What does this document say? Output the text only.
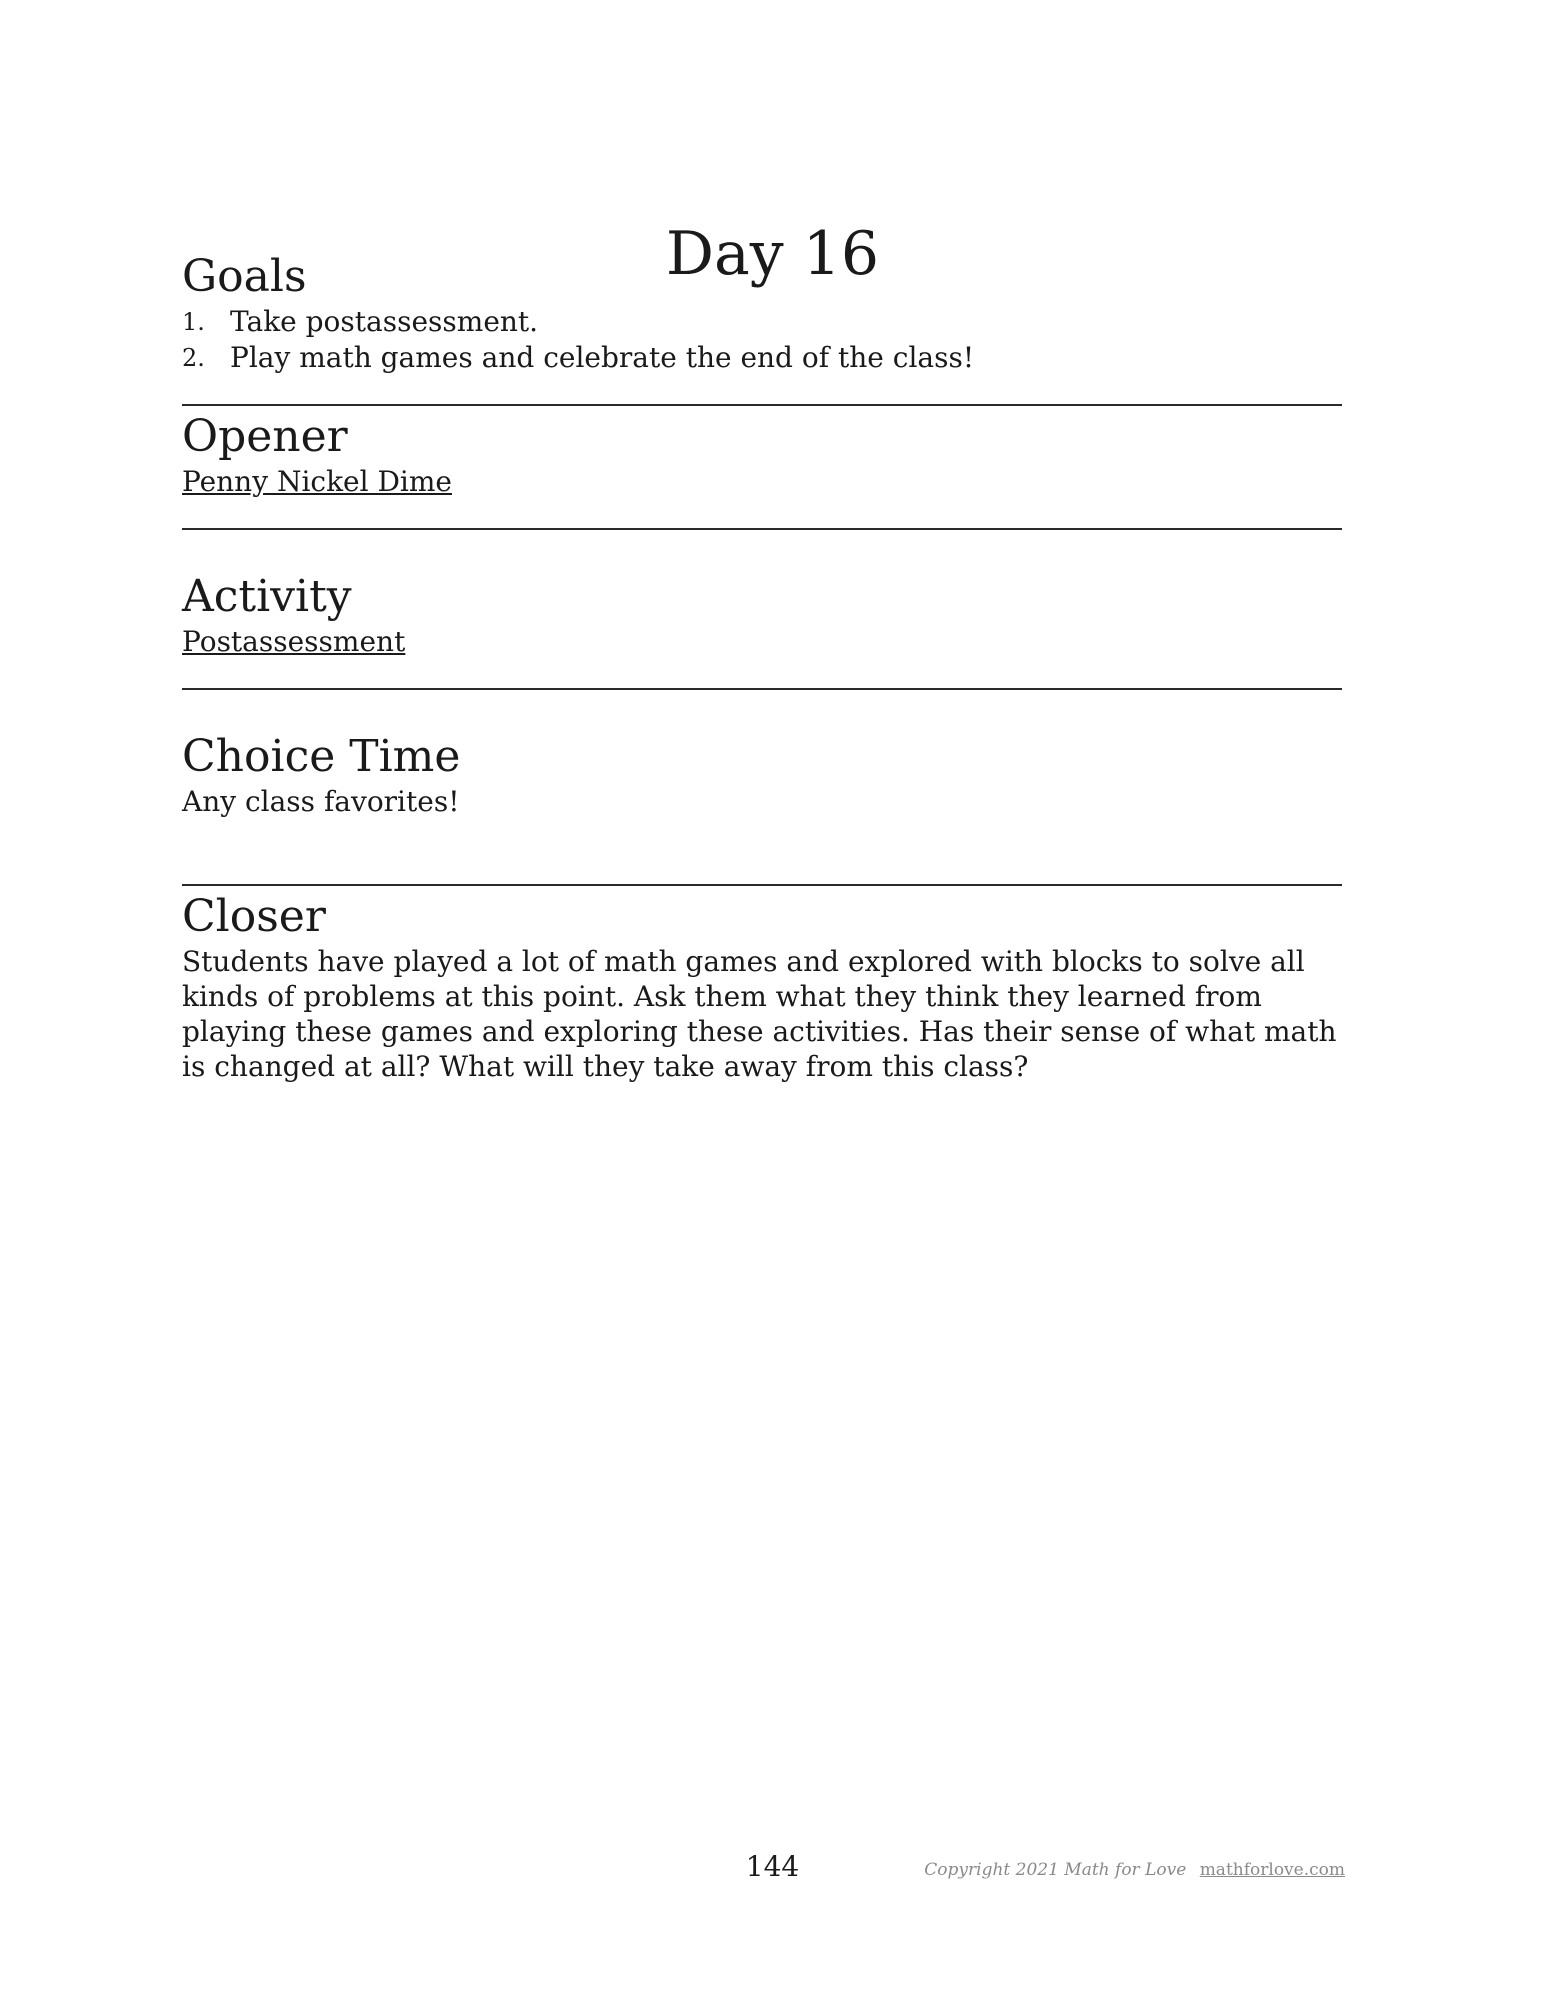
Day 16
Goals
1. Take postassessment.
2. Play math games and celebrate the end of the class!
Opener
Penny Nickel Dime
Activity
Postassessment
Choice Time
Any class favorites!
Closer

Students have played a lot of math games and explored with blocks to solve all kinds of problems at this point. Ask them what they think they learned from playing these games and exploring these activities. Has their sense of what math is changed at all? What will they take away from this class?

144	Copyright 2021 Math for Love mathforlove.com
